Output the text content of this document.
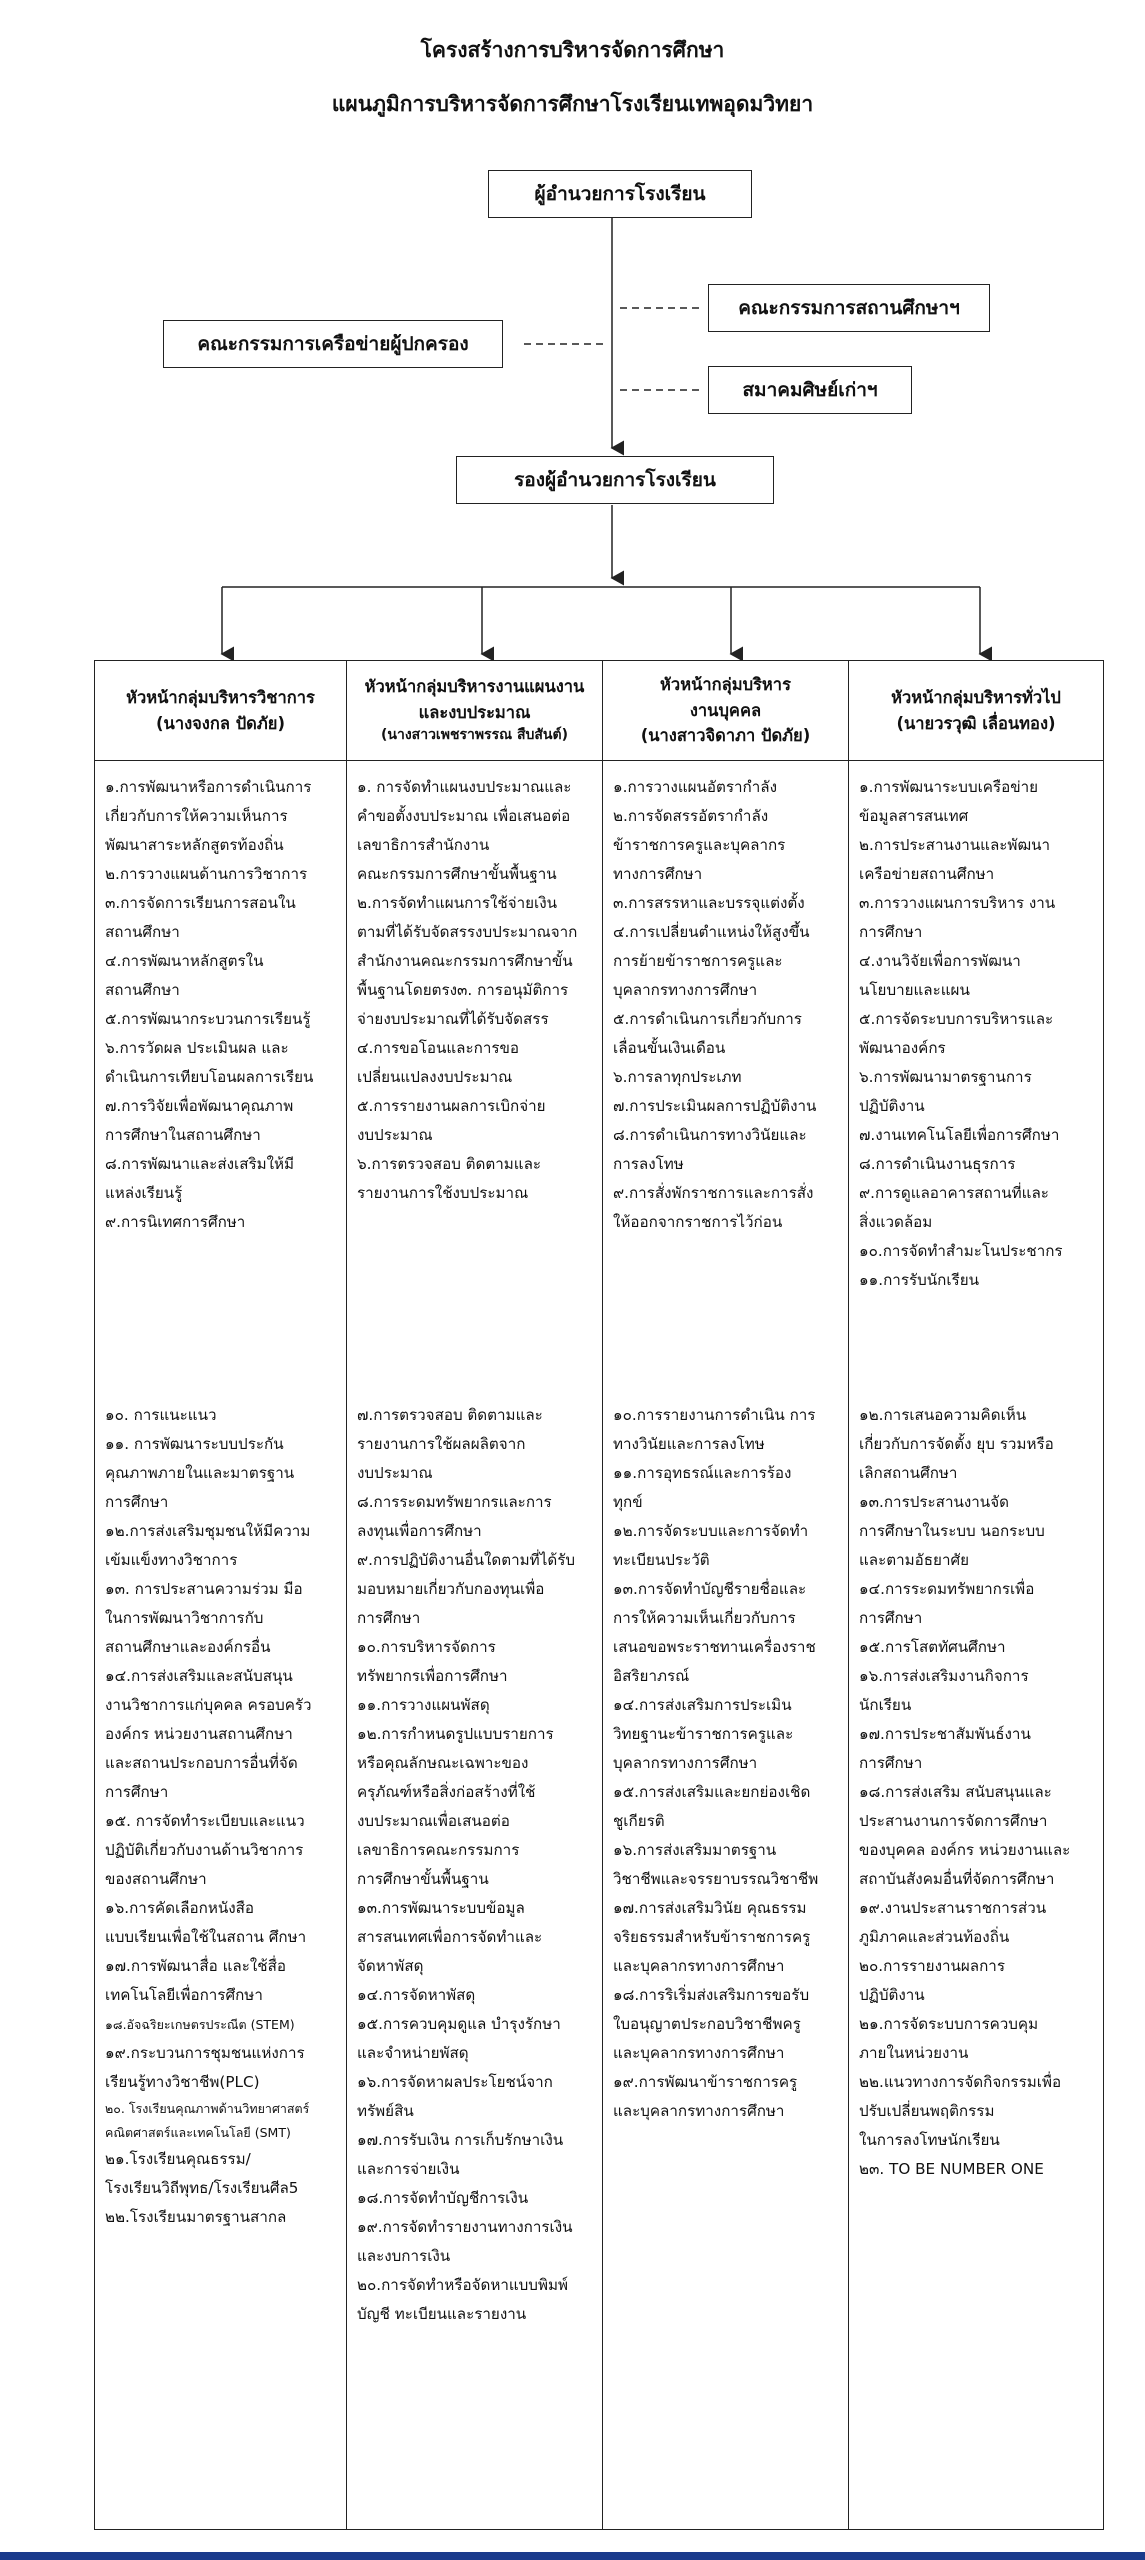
โครงสร้างการบริหารจัดการศึกษา
แผนภูมิการบริหารจัดการศึกษาโรงเรียนเทพอุดมวิทยา
ผู้อำนวยการโรงเรียน
คณะกรรมการสถานศึกษาฯ
คณะกรรมการเครือข่ายผู้ปกครอง
สมาคมศิษย์เก่าฯ
รองผู้อำนวยการโรงเรียน
หัวหน้ากลุ่มบริหารวิชาการ
(นางจงกล ปัดภัย)
๑.การพัฒนาหรือการดำเนินการ
เกี่ยวกับการให้ความเห็นการ
พัฒนาสาระหลักสูตรท้องถิ่น
๒.การวางแผนด้านการวิชาการ
๓.การจัดการเรียนการสอนใน
สถานศึกษา
๔.การพัฒนาหลักสูตรใน
สถานศึกษา
๕.การพัฒนากระบวนการเรียนรู้
๖.การวัดผล ประเมินผล และ
ดำเนินการเทียบโอนผลการเรียน
๗.การวิจัยเพื่อพัฒนาคุณภาพ
การศึกษาในสถานศึกษา
๘.การพัฒนาและส่งเสริมให้มี
แหล่งเรียนรู้
๙.การนิเทศการศึกษา
๑๐. การแนะแนว
๑๑. การพัฒนาระบบประกัน
คุณภาพภายในและมาตรฐาน
การศึกษา
๑๒.การส่งเสริมชุมชนให้มีความ
เข้มแข็งทางวิชาการ
๑๓. การประสานความร่วม มือ
ในการพัฒนาวิชาการกับ
สถานศึกษาและองค์กรอื่น
๑๔.การส่งเสริมและสนับสนุน
งานวิชาการแก่บุคคล ครอบครัว
องค์กร หน่วยงานสถานศึกษา
และสถานประกอบการอื่นที่จัด
การศึกษา
๑๕. การจัดทำระเบียบและแนว
ปฏิบัติเกี่ยวกับงานด้านวิชาการ
ของสถานศึกษา
๑๖.การคัดเลือกหนังสือ
แบบเรียนเพื่อใช้ในสถาน ศึกษา
๑๗.การพัฒนาสื่อ และใช้สื่อ
เทคโนโลยีเพื่อการศึกษา
๑๘.อัจฉริยะเกษตรประณีต (STEM)
๑๙.กระบวนการชุมชนแห่งการ
เรียนรู้ทางวิชาชีพ(PLC)
๒๐. โรงเรียนคุณภาพด้านวิทยาศาสตร์
คณิตศาสตร์และเทคโนโลยี (SMT)
๒๑.โรงเรียนคุณธรรม/
โรงเรียนวิถีพุทธ/โรงเรียนศีล5
๒๒.โรงเรียนมาตรฐานสากล
หัวหน้ากลุ่มบริหารงานแผนงาน
และงบประมาณ
(นางสาวเพชราพรรณ สืบสันต์)
๑. การจัดทำแผนงบประมาณและ
คำขอตั้งงบประมาณ เพื่อเสนอต่อ
เลขาธิการสำนักงาน
คณะกรรมการศึกษาขั้นพื้นฐาน
๒.การจัดทำแผนการใช้จ่ายเงิน
ตามที่ได้รับจัดสรรงบประมาณจาก
สำนักงานคณะกรรมการศึกษาขั้น
พื้นฐานโดยตรง๓. การอนุมัติการ
จ่ายงบประมาณที่ได้รับจัดสรร
๔.การขอโอนและการขอ
เปลี่ยนแปลงงบประมาณ
๕.การรายงานผลการเบิกจ่าย
งบประมาณ
๖.การตรวจสอบ ติดตามและ
รายงานการใช้งบประมาณ
๗.การตรวจสอบ ติดตามและ
รายงานการใช้ผลผลิตจาก
งบประมาณ
๘.การระดมทรัพยากรและการ
ลงทุนเพื่อการศึกษา
๙.การปฏิบัติงานอื่นใดตามที่ได้รับ
มอบหมายเกี่ยวกับกองทุนเพื่อ
การศึกษา
๑๐.การบริหารจัดการ
ทรัพยากรเพื่อการศึกษา
๑๑.การวางแผนพัสดุ
๑๒.การกำหนดรูปแบบรายการ
หรือคุณลักษณะเฉพาะของ
ครุภัณฑ์หรือสิ่งก่อสร้างที่ใช้
งบประมาณเพื่อเสนอต่อ
เลขาธิการคณะกรรมการ
การศึกษาขั้นพื้นฐาน
๑๓.การพัฒนาระบบข้อมูล
สารสนเทศเพื่อการจัดทำและ
จัดหาพัสดุ
๑๔.การจัดหาพัสดุ
๑๕.การควบคุมดูแล บำรุงรักษา
และจำหน่ายพัสดุ
๑๖.การจัดหาผลประโยชน์จาก
ทรัพย์สิน
๑๗.การรับเงิน การเก็บรักษาเงิน
และการจ่ายเงิน
๑๘.การจัดทำบัญชีการเงิน
๑๙.การจัดทำรายงานทางการเงิน
และงบการเงิน
๒๐.การจัดทำหรือจัดหาแบบพิมพ์
บัญชี ทะเบียนและรายงาน
หัวหน้ากลุ่มบริหาร
งานบุคคล
(นางสาวจิดาภา ปัดภัย)
๑.การวางแผนอัตรากำลัง
๒.การจัดสรรอัตรากำลัง
ข้าราชการครูและบุคลากร
ทางการศึกษา
๓.การสรรหาและบรรจุแต่งตั้ง
๔.การเปลี่ยนตำแหน่งให้สูงขึ้น
การย้ายข้าราชการครูและ
บุคลากรทางการศึกษา
๕.การดำเนินการเกี่ยวกับการ
เลื่อนขั้นเงินเดือน
๖.การลาทุกประเภท
๗.การประเมินผลการปฏิบัติงาน
๘.การดำเนินการทางวินัยและ
การลงโทษ
๙.การสั่งพักราชการและการสั่ง
ให้ออกจากราชการไว้ก่อน
๑๐.การรายงานการดำเนิน การ
ทางวินัยและการลงโทษ
๑๑.การอุทธรณ์และการร้อง
ทุกข์
๑๒.การจัดระบบและการจัดทำ
ทะเบียนประวัติ
๑๓.การจัดทำบัญชีรายชื่อและ
การให้ความเห็นเกี่ยวกับการ
เสนอขอพระราชทานเครื่องราช
อิสริยาภรณ์
๑๔.การส่งเสริมการประเมิน
วิทยฐานะข้าราชการครูและ
บุคลากรทางการศึกษา
๑๕.การส่งเสริมและยกย่องเชิด
ชูเกียรติ
๑๖.การส่งเสริมมาตรฐาน
วิชาชีพและจรรยาบรรณวิชาชีพ
๑๗.การส่งเสริมวินัย คุณธรรม
จริยธรรมสำหรับข้าราชการครู
และบุคลากรทางการศึกษา
๑๘.การริเริ่มส่งเสริมการขอรับ
ใบอนุญาตประกอบวิชาชีพครู
และบุคลากรทางการศึกษา
๑๙.การพัฒนาข้าราชการครู
และบุคลากรทางการศึกษา
หัวหน้ากลุ่มบริหารทั่วไป
(นายวรวุฒิ เลื่อนทอง)
๑.การพัฒนาระบบเครือข่าย
ข้อมูลสารสนเทศ
๒.การประสานงานและพัฒนา
เครือข่ายสถานศึกษา
๓.การวางแผนการบริหาร งาน
การศึกษา
๔.งานวิจัยเพื่อการพัฒนา
นโยบายและแผน
๕.การจัดระบบการบริหารและ
พัฒนาองค์กร
๖.การพัฒนามาตรฐานการ
ปฏิบัติงาน
๗.งานเทคโนโลยีเพื่อการศึกษา
๘.การดำเนินงานธุรการ
๙.การดูแลอาคารสถานที่และ
สิ่งแวดล้อม
๑๐.การจัดทำสำมะโนประชากร
๑๑.การรับนักเรียน
๑๒.การเสนอความคิดเห็น
เกี่ยวกับการจัดตั้ง ยุบ รวมหรือ
เลิกสถานศึกษา
๑๓.การประสานงานจัด
การศึกษาในระบบ นอกระบบ
และตามอัธยาศัย
๑๔.การระดมทรัพยากรเพื่อ
การศึกษา
๑๕.การโสตทัศนศึกษา
๑๖.การส่งเสริมงานกิจการ
นักเรียน
๑๗.การประชาสัมพันธ์งาน
การศึกษา
๑๘.การส่งเสริม สนับสนุนและ
ประสานงานการจัดการศึกษา
ของบุคคล องค์กร หน่วยงานและ
สถาบันสังคมอื่นที่จัดการศึกษา
๑๙.งานประสานราชการส่วน
ภูมิภาคและส่วนท้องถิ่น
๒๐.การรายงานผลการ
ปฏิบัติงาน
๒๑.การจัดระบบการควบคุม
ภายในหน่วยงาน
๒๒.แนวทางการจัดกิจกรรมเพื่อ
ปรับเปลี่ยนพฤติกรรม
ในการลงโทษนักเรียน
๒๓. TO BE NUMBER ONE
